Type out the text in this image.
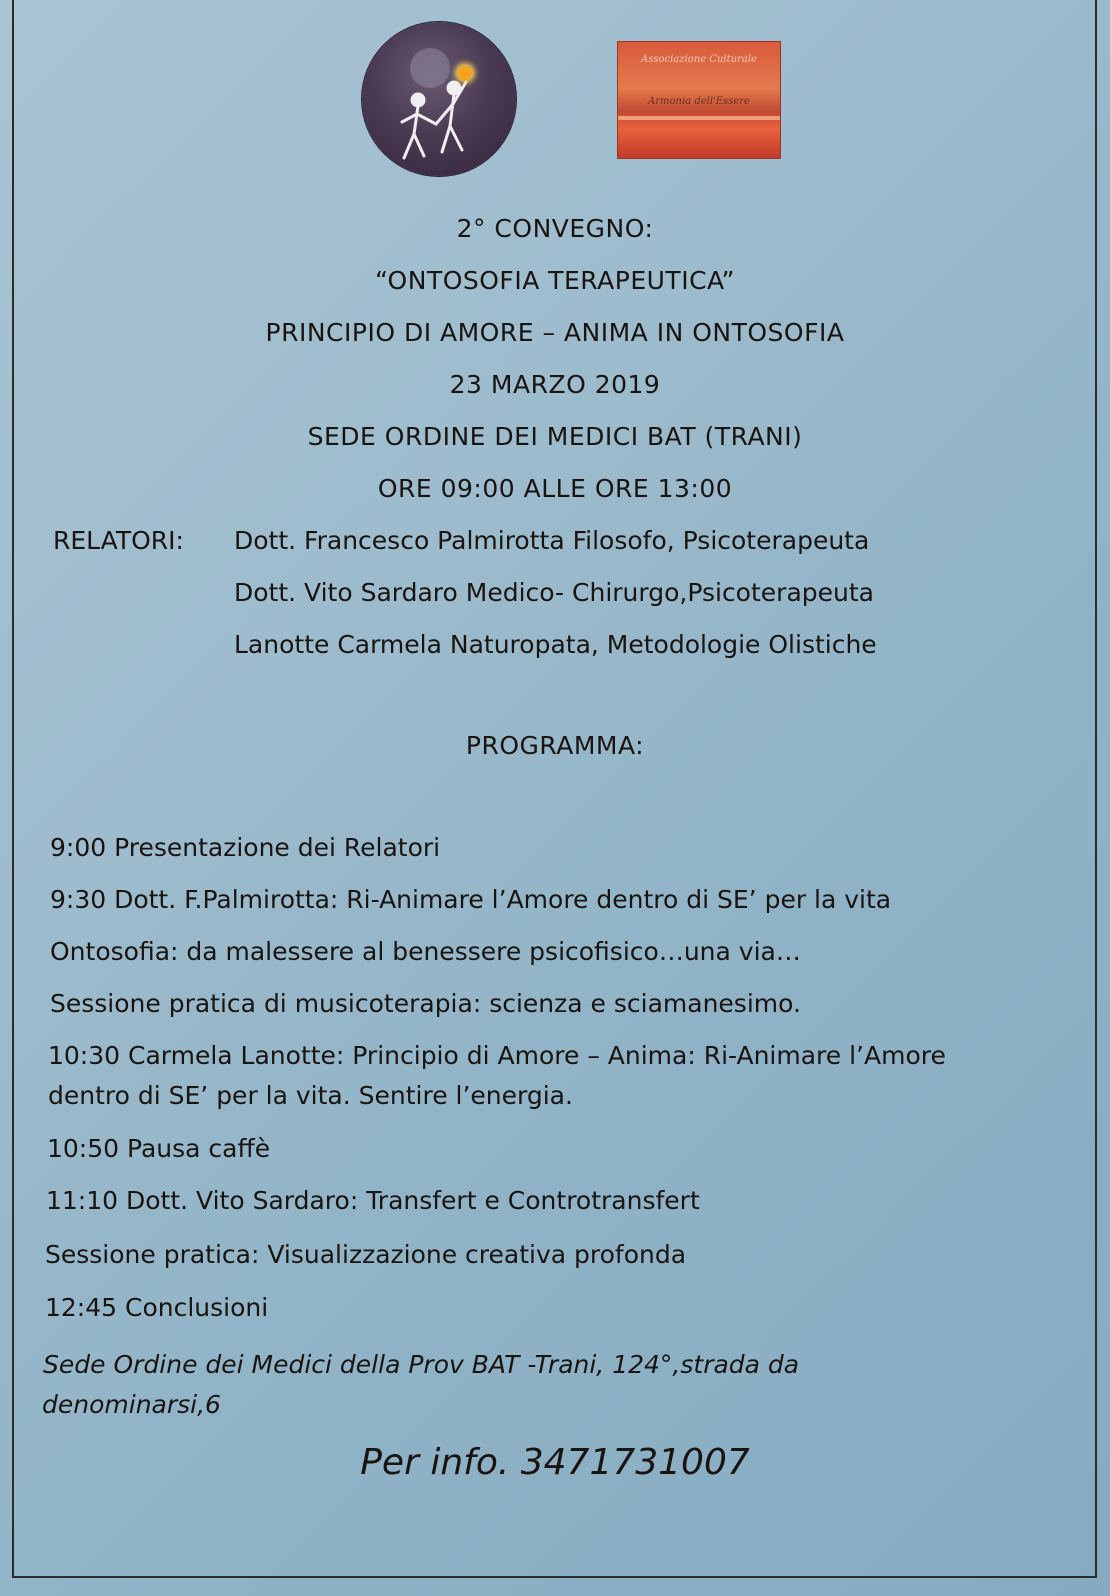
Associazione Culturale
Armonia dell'Essere
2° CONVEGNO:
“ONTOSOFIA TERAPEUTICA”
PRINCIPIO DI AMORE – ANIMA IN ONTOSOFIA
23 MARZO 2019
SEDE ORDINE DEI MEDICI BAT (TRANI)
ORE 09:00 ALLE ORE 13:00
RELATORI: Dott. Francesco Palmirotta Filosofo, Psicoterapeuta
Dott. Vito Sardaro Medico- Chirurgo,Psicoterapeuta
Lanotte Carmela Naturopata, Metodologie Olistiche
PROGRAMMA:
9:00 Presentazione dei Relatori
9:30 Dott. F.Palmirotta: Ri-Animare l’Amore dentro di SE’ per la vita
Ontosofia: da malessere al benessere psicofisico…una via…
Sessione pratica di musicoterapia: scienza e sciamanesimo.
10:30 Carmela Lanotte: Principio di Amore – Anima: Ri-Animare l’Amore
dentro di SE’ per la vita. Sentire l’energia.
10:50 Pausa caffè
11:10 Dott. Vito Sardaro: Transfert e Controtransfert
Sessione pratica: Visualizzazione creativa profonda
12:45 Conclusioni
Sede Ordine dei Medici della Prov BAT -Trani, 124°,strada da
denominarsi,6
Per info. 3471731007
